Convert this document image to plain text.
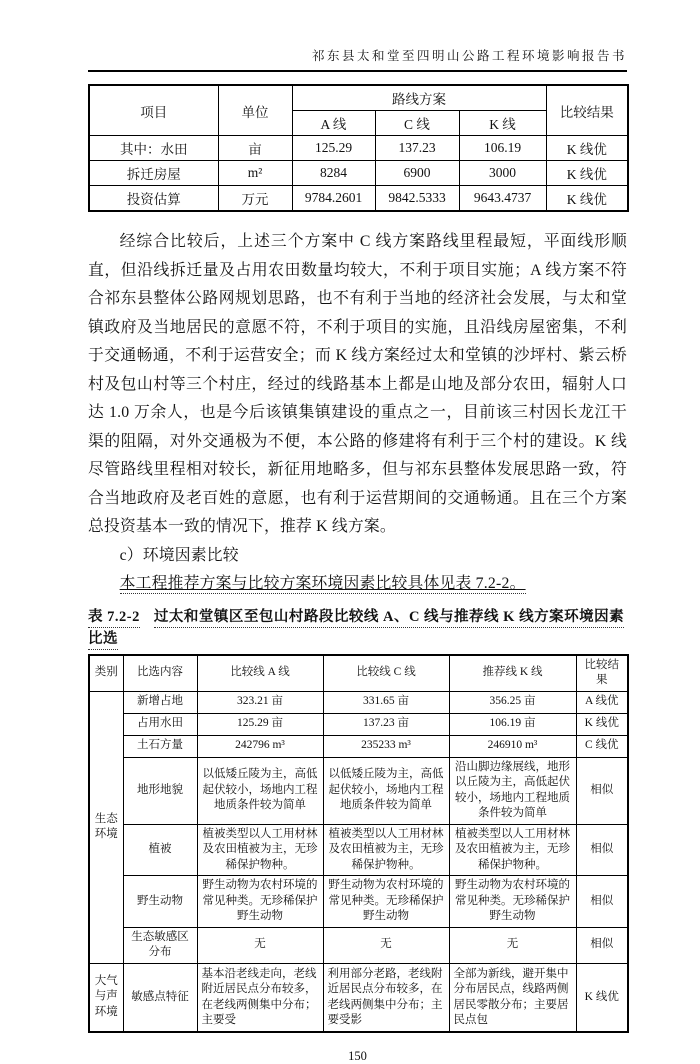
祁东县太和堂至四明山公路工程环境影响报告书
项目	单位	路线方案			比较结果
		A 线	C 线	K 线	
其中：水田	亩	125.29	137.23	106.19	K 线优
拆迁房屋	m²	8284	6900	3000	K 线优
投资估算	万元	9784.2601	9842.5333	9643.4737	K 线优
经综合比较后，上述三个方案中 C 线方案路线里程最短，平面线形顺直，但沿线拆迁量及占用农田数量均较大，不利于项目实施；A 线方案不符合祁东县整体公路网规划思路，也不有利于当地的经济社会发展，与太和堂镇政府及当地居民的意愿不符，不利于项目的实施，且沿线房屋密集，不利于交通畅通，不利于运营安全；而 K 线方案经过太和堂镇的沙坪村、紫云桥村及包山村等三个村庄，经过的线路基本上都是山地及部分农田，辐射人口达 1.0 万余人，也是今后该镇集镇建设的重点之一，目前该三村因长龙江干渠的阻隔，对外交通极为不便，本公路的修建将有利于三个村的建设。K 线尽管路线里程相对较长，新征用地略多，但与祁东县整体发展思路一致，符合当地政府及老百姓的意愿，也有利于运营期间的交通畅通。且在三个方案总投资基本一致的情况下，推荐 K 线方案。
c）环境因素比较
本工程推荐方案与比较方案环境因素比较具体见表 7.2-2。
表 7.2-2 过太和堂镇区至包山村路段比较线 A、C 线与推荐线 K 线方案环境因素比选
类别	比选内容	比较线 A 线	比较线 C 线	推荐线 K 线	比较结果
生态环境	新增占地	323.21 亩	331.65 亩	356.25 亩	A 线优
	占用水田	125.29 亩	137.23 亩	106.19 亩	K 线优
	土石方量	242796 m³	235233 m³	246910 m³	C 线优
	地形地貌	以低矮丘陵为主，高低起伏较小，场地内工程地质条件较为简单	以低矮丘陵为主，高低起伏较小，场地内工程地质条件较为简单	沿山脚边缘展线，地形以丘陵为主，高低起伏较小，场地内工程地质条件较为简单	相似
	植被	植被类型以人工用材林及农田植被为主，无珍稀保护物种。	植被类型以人工用材林及农田植被为主，无珍稀保护物种。	植被类型以人工用材林及农田植被为主，无珍稀保护物种。	相似
	野生动物	野生动物为农村环境的常见种类。无珍稀保护野生动物	野生动物为农村环境的常见种类。无珍稀保护野生动物	野生动物为农村环境的常见种类。无珍稀保护野生动物	相似
	生态敏感区分布	无	无	无	相似
大气与声环境	敏感点特征	基本沿老线走向，老线附近居民点分布较多，在老线两侧集中分布；主要受	利用部分老路，老线附近居民点分布较多，在老线两侧集中分布；主要受影	全部为新线，避开集中分布居民点，线路两侧居民零散分布；主要居民点包	K 线优
150
